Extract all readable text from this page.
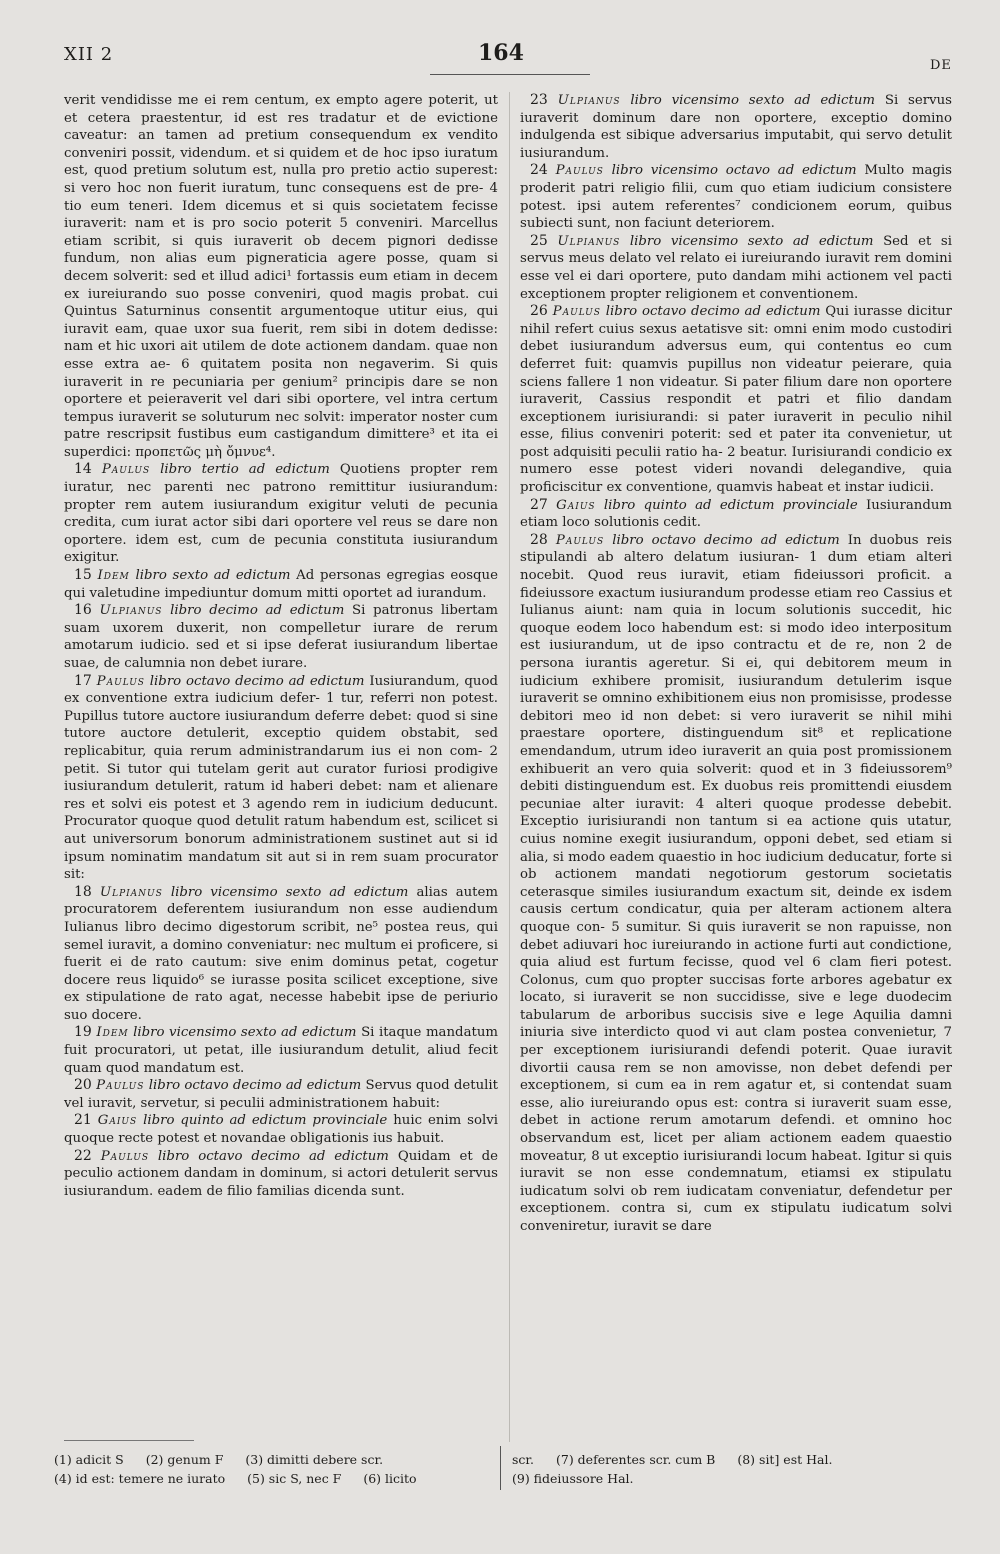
XII 2	164	DE

verit vendidisse me ei rem centum, ex empto agere poterit, ut et cetera praestentur, id est res tradatur et de evictione caveatur: an tamen ad pretium consequendum ex vendito conveniri possit, videndum. et si quidem et de hoc ipso iuratum est, quod pretium solutum est, nulla pro pretio actio superest: si vero hoc non fuerit iuratum, tunc consequens est de pre- 4 tio eum teneri. Idem dicemus et si quis societatem fecisse iuraverit: nam et is pro socio poterit 5 conveniri. Marcellus etiam scribit, si quis iuraverit ob decem pignori dedisse fundum, non alias eum pigneraticia agere posse, quam si decem solverit: sed et illud adici¹ fortassis eum etiam in decem ex iureiurando suo posse conveniri, quod magis probat. cui Quintus Saturninus consentit argumentoque utitur eius, qui iuravit eam, quae uxor sua fuerit, rem sibi in dotem dedisse: nam et hic uxori ait utilem de dote actionem dandam. quae non esse extra ae- 6 quitatem posita non negaverim. Si quis iuraverit in re pecuniaria per genium² principis dare se non oportere et peieraverit vel dari sibi oportere, vel intra certum tempus iuraverit se soluturum nec solvit: imperator noster cum patre rescripsit fustibus eum castigandum dimittere³ et ita ei superdici: προπετῶς μὴ ὄμνυε⁴.

14 Paulus libro tertio ad edictum Quotiens propter rem iuratur, nec parenti nec patrono remittitur iusiurandum: propter rem autem iusiurandum exigitur veluti de pecunia credita, cum iurat actor sibi dari oportere vel reus se dare non oportere. idem est, cum de pecunia constituta iusiurandum exigitur.

15 Idem libro sexto ad edictum Ad personas egregias eosque qui valetudine impediuntur domum mitti oportet ad iurandum.

16 Ulpianus libro decimo ad edictum Si patronus libertam suam uxorem duxerit, non compelletur iurare de rerum amotarum iudicio. sed et si ipse deferat iusiurandum libertae suae, de calumnia non debet iurare.

17 Paulus libro octavo decimo ad edictum Iusiurandum, quod ex conventione extra iudicium defer- 1 tur, referri non potest. Pupillus tutore auctore iusiurandum deferre debet: quod si sine tutore auctore detulerit, exceptio quidem obstabit, sed replicabitur, quia rerum administrandarum ius ei non com- 2 petit. Si tutor qui tutelam gerit aut curator furiosi prodigive iusiurandum detulerit, ratum id haberi debet: nam et alienare res et solvi eis potest et 3 agendo rem in iudicium deducunt. Procurator quoque quod detulit ratum habendum est, scilicet si aut universorum bonorum administrationem sustinet aut si id ipsum nominatim mandatum sit aut si in rem suam procurator sit:

18 Ulpianus libro vicensimo sexto ad edictum alias autem procuratorem deferentem iusiurandum non esse audiendum Iulianus libro decimo digestorum scribit, ne⁵ postea reus, qui semel iuravit, a domino conveniatur: nec multum ei proficere, si fuerit ei de rato cautum: sive enim dominus petat, cogetur docere reus liquido⁶ se iurasse posita scilicet exceptione, sive ex stipulatione de rato agat, necesse habebit ipse de periurio suo docere.

19 Idem libro vicensimo sexto ad edictum Si itaque mandatum fuit procuratori, ut petat, ille iusiurandum detulit, aliud fecit quam quod mandatum est.

20 Paulus libro octavo decimo ad edictum Servus quod detulit vel iuravit, servetur, si peculii administrationem habuit:

21 Gaius libro quinto ad edictum provinciale huic enim solvi quoque recte potest et novandae obligationis ius habuit.

22 Paulus libro octavo decimo ad edictum Quidam et de peculio actionem dandam in dominum, si actori detulerit servus iusiurandum. eadem de filio familias dicenda sunt.

23 Ulpianus libro vicensimo sexto ad edictum Si servus iuraverit dominum dare non oportere, exceptio domino indulgenda est sibique adversarius imputabit, qui servo detulit iusiurandum.

24 Paulus libro vicensimo octavo ad edictum Multo magis proderit patri religio filii, cum quo etiam iudicium consistere potest. ipsi autem referentes⁷ condicionem eorum, quibus subiecti sunt, non faciunt deteriorem.

25 Ulpianus libro vicensimo sexto ad edictum Sed et si servus meus delato vel relato ei iureiurando iuravit rem domini esse vel ei dari oportere, puto dandam mihi actionem vel pacti exceptionem propter religionem et conventionem.

26 Paulus libro octavo decimo ad edictum Qui iurasse dicitur nihil refert cuius sexus aetatisve sit: omni enim modo custodiri debet iusiurandum adversus eum, qui contentus eo cum deferret fuit: quamvis pupillus non videatur peierare, quia sciens fallere 1 non videatur. Si pater filium dare non oportere iuraverit, Cassius respondit et patri et filio dandam exceptionem iurisiurandi: si pater iuraverit in peculio nihil esse, filius conveniri poterit: sed et pater ita convenietur, ut post adquisiti peculii ratio ha- 2 beatur. Iurisiurandi condicio ex numero esse potest videri novandi delegandive, quia proficiscitur ex conventione, quamvis habeat et instar iudicii.

27 Gaius libro quinto ad edictum provinciale Iusiurandum etiam loco solutionis cedit.

28 Paulus libro octavo decimo ad edictum In duobus reis stipulandi ab altero delatum iusiuran- 1 dum etiam alteri nocebit. Quod reus iuravit, etiam fideiussori proficit. a fideiussore exactum iusiurandum prodesse etiam reo Cassius et Iulianus aiunt: nam quia in locum solutionis succedit, hic quoque eodem loco habendum est: si modo ideo interpositum est iusiurandum, ut de ipso contractu et de re, non 2 de persona iurantis ageretur. Si ei, qui debitorem meum in iudicium exhibere promisit, iusiurandum detulerim isque iuraverit se omnino exhibitionem eius non promisisse, prodesse debitori meo id non debet: si vero iuraverit se nihil mihi praestare oportere, distinguendum sit⁸ et replicatione emendandum, utrum ideo iuraverit an quia post promissionem exhibuerit an vero quia solverit: quod et in 3 fideiussorem⁹ debiti distinguendum est. Ex duobus reis promittendi eiusdem pecuniae alter iuravit: 4 alteri quoque prodesse debebit. Exceptio iurisiurandi non tantum si ea actione quis utatur, cuius nomine exegit iusiurandum, opponi debet, sed etiam si alia, si modo eadem quaestio in hoc iudicium deducatur, forte si ob actionem mandati negotiorum gestorum societatis ceterasque similes iusiurandum exactum sit, deinde ex isdem causis certum condicatur, quia per alteram actionem altera quoque con- 5 sumitur. Si quis iuraverit se non rapuisse, non debet adiuvari hoc iureiurando in actione furti aut condictione, quia aliud est furtum fecisse, quod vel 6 clam fieri potest. Colonus, cum quo propter succisas forte arbores agebatur ex locato, si iuraverit se non succidisse, sive e lege duodecim tabularum de arboribus succisis sive e lege Aquilia damni iniuria sive interdicto quod vi aut clam postea convenietur, 7 per exceptionem iurisiurandi defendi poterit. Quae iuravit divortii causa rem se non amovisse, non debet defendi per exceptionem, si cum ea in rem agatur et, si contendat suam esse, alio iureiurando opus est: contra si iuraverit suam esse, debet in actione rerum amotarum defendi. et omnino hoc observandum est, licet per aliam actionem eadem quaestio moveatur, 8 ut exceptio iurisiurandi locum habeat. Igitur si quis iuravit se non esse condemnatum, etiamsi ex stipulatu iudicatum solvi ob rem iudicatam conveniatur, defendetur per exceptionem. contra si, cum ex stipulatu iudicatum solvi conveniretur, iuravit se dare

(1) adicit S (2) genum F (3) dimitti debere scr.
(4) id est: temere ne iurato (5) sic S, nec F (6) licito
scr. (7) deferentes scr. cum B (8) sit] est Hal.
(9) fideiussore Hal.
